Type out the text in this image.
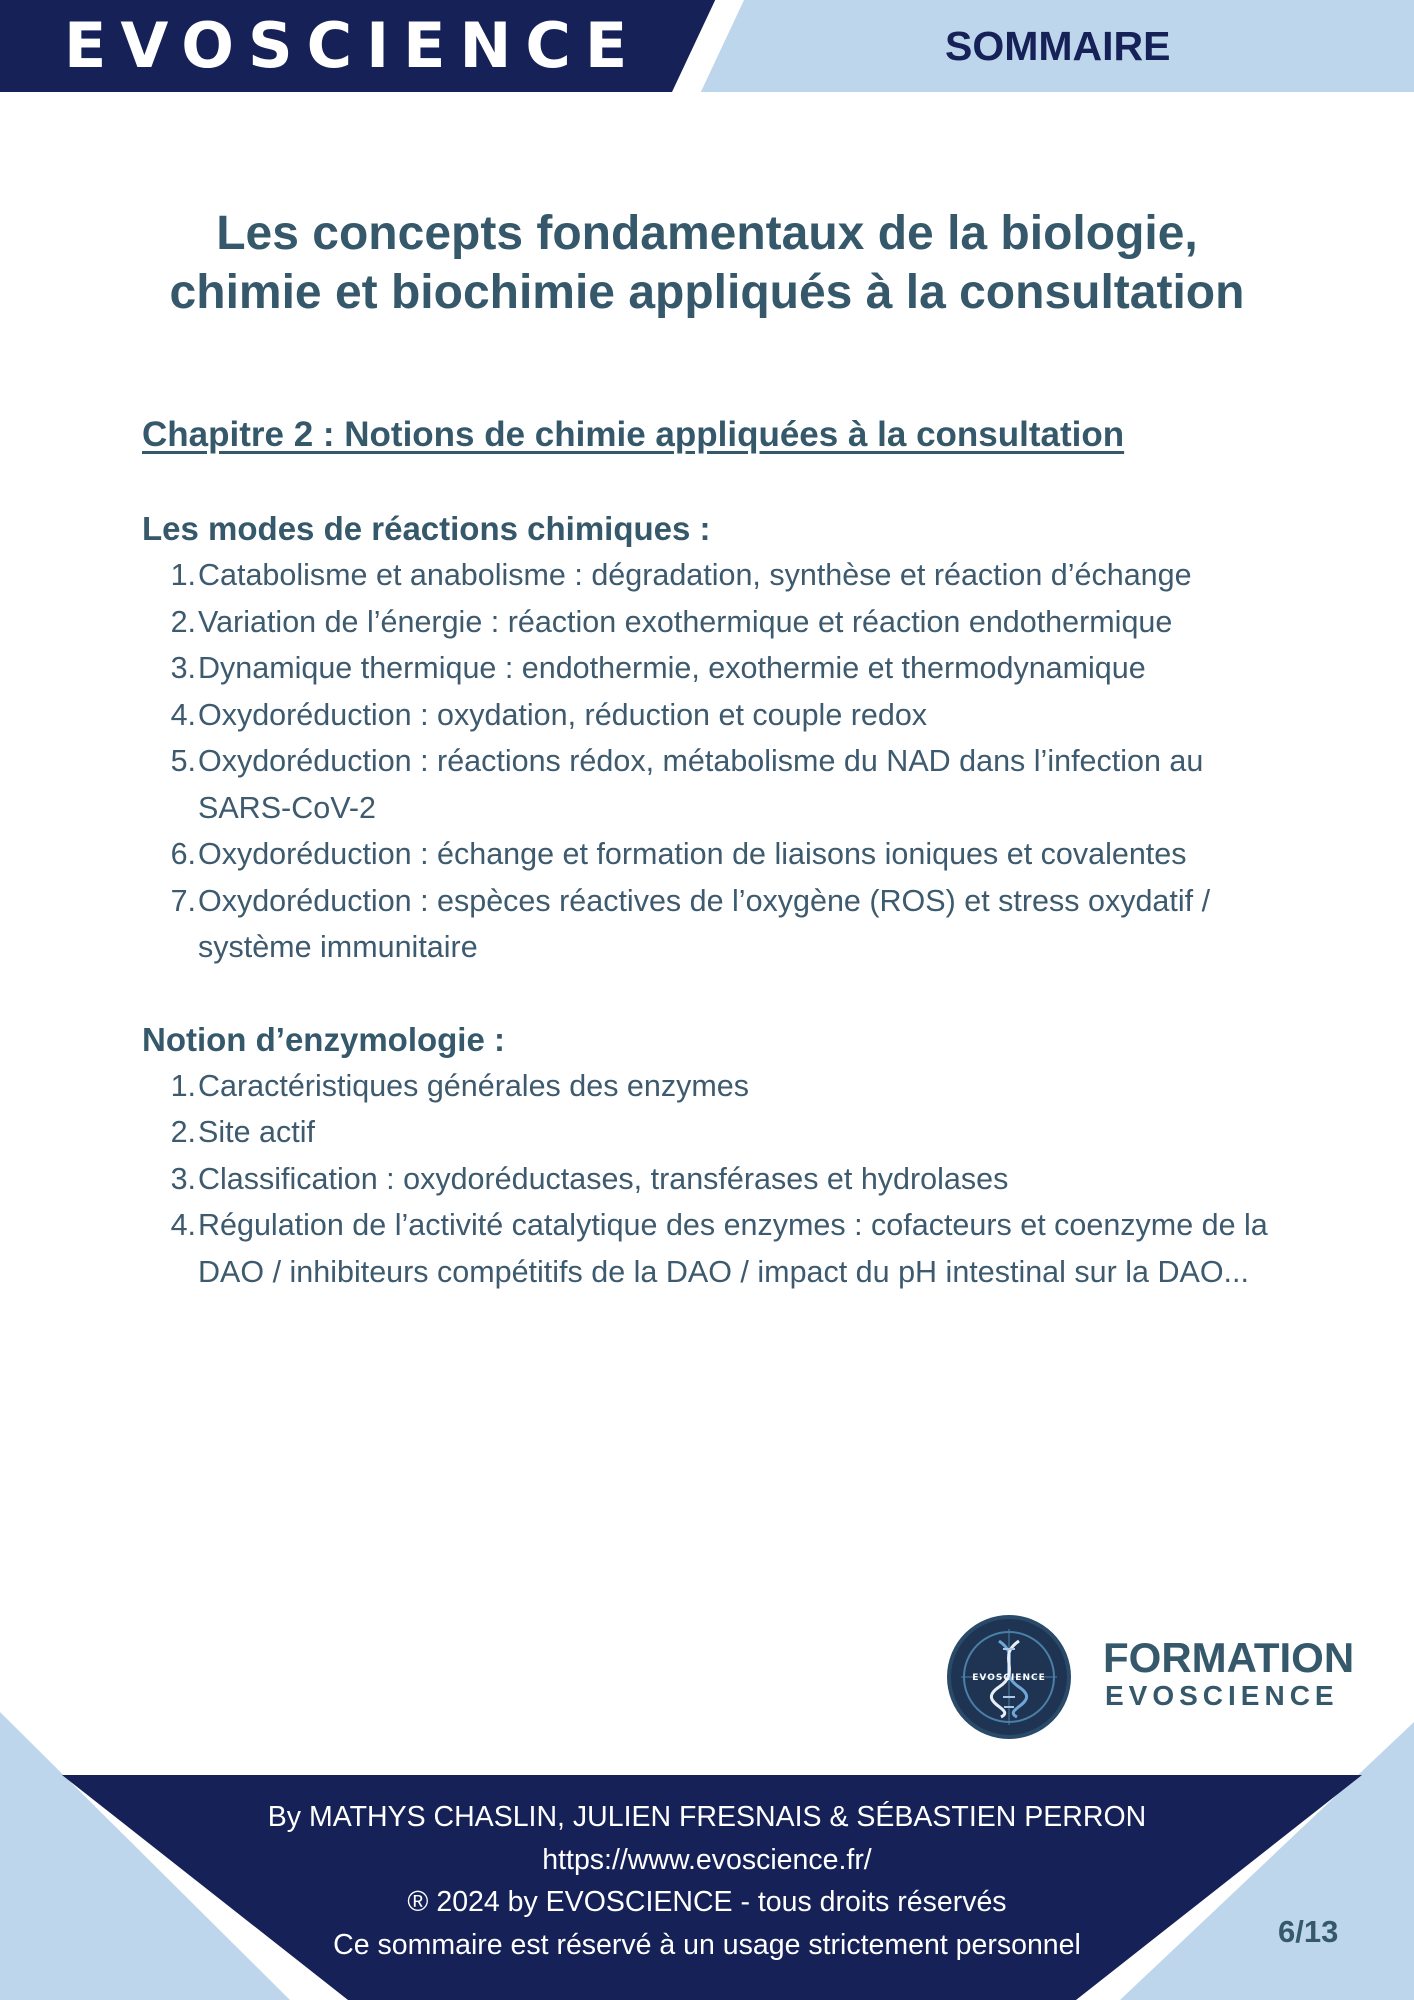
EVOSCIENCE	SOMMAIRE
Les concepts fondamentaux de la biologie,
chimie et biochimie appliqués à la consultation
Chapitre 2 : Notions de chimie appliquées à la consultation
Les modes de réactions chimiques :
1. Catabolisme et anabolisme : dégradation, synthèse et réaction d’échange
2. Variation de l’énergie : réaction exothermique et réaction endothermique
3. Dynamique thermique : endothermie, exothermie et thermodynamique
4. Oxydoréduction : oxydation, réduction et couple redox
5. Oxydoréduction : réactions rédox, métabolisme du NAD dans l’infection au SARS-CoV-2
6. Oxydoréduction : échange et formation de liaisons ioniques et covalentes
7. Oxydoréduction : espèces réactives de l’oxygène (ROS) et stress oxydatif / système immunitaire
Notion d’enzymologie :
1. Caractéristiques générales des enzymes
2. Site actif
3. Classification : oxydoréductases, transférases et hydrolases
4. Régulation de l’activité catalytique des enzymes : cofacteurs et coenzyme de la DAO / inhibiteurs compétitifs de la DAO / impact du pH intestinal sur la DAO...
EVOSCIENCE	FORMATION
EVOSCIENCE
By MATHYS CHASLIN, JULIEN FRESNAIS & SÉBASTIEN PERRON
https://www.evoscience.fr/
® 2024 by EVOSCIENCE - tous droits réservés
Ce sommaire est réservé à un usage strictement personnel	6/13
